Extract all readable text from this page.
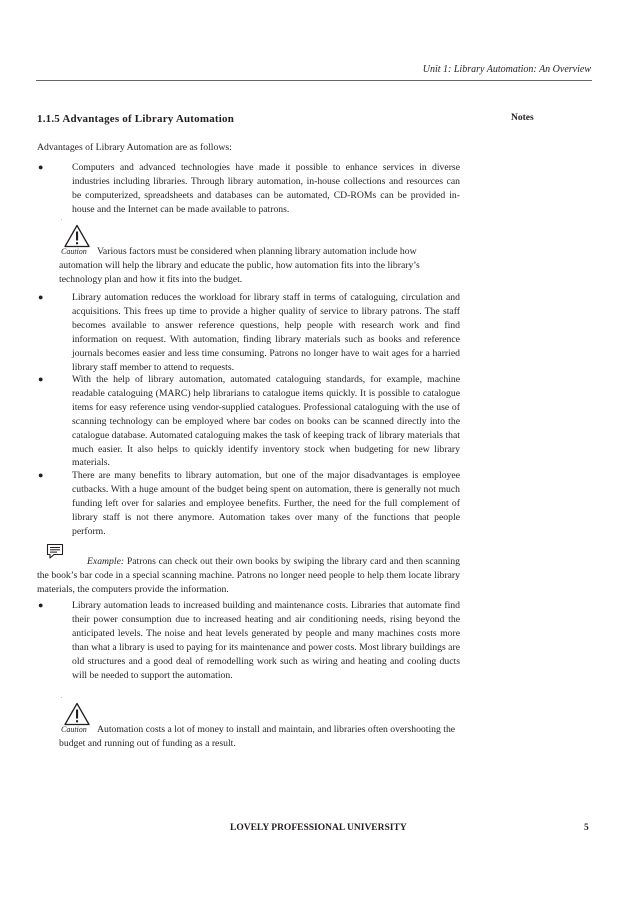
Unit 1: Library Automation: An Overview
Notes
1.1.5 Advantages of Library Automation

Advantages of Library Automation are as follows:

●	Computers and advanced technologies have made it possible to enhance services in diverse industries including libraries. Through library automation, in-house collections and resources can be computerized, spreadsheets and databases can be automated, CD-ROMs can be provided in-house and the Internet can be made available to patrons.
Caution Various factors must be considered when planning library automation include how automation will help the library and educate the public, how automation fits into the library’s technology plan and how it fits into the budget.
●	Library automation reduces the workload for library staff in terms of cataloguing, circulation and acquisitions. This frees up time to provide a higher quality of service to library patrons. The staff becomes available to answer reference questions, help people with research work and find information on request. With automation, finding library materials such as books and reference journals becomes easier and less time consuming. Patrons no longer have to wait ages for a harried library staff member to attend to requests.
●	With the help of library automation, automated cataloguing standards, for example, machine readable cataloguing (MARC) help librarians to catalogue items quickly. It is possible to catalogue items for easy reference using vendor-supplied catalogues. Professional cataloguing with the use of scanning technology can be employed where bar codes on books can be scanned directly into the catalogue database. Automated cataloguing makes the task of keeping track of library materials that much easier. It also helps to quickly identify inventory stock when budgeting for new library materials.
●	There are many benefits to library automation, but one of the major disadvantages is employee cutbacks. With a huge amount of the budget being spent on automation, there is generally not much funding left over for salaries and employee benefits. Further, the need for the full complement of library staff is not there anymore. Automation takes over many of the functions that people perform.
Example: Patrons can check out their own books by swiping the library card and then scanning the book’s bar code in a special scanning machine. Patrons no longer need people to help them locate library materials, the computers provide the information.
●	Library automation leads to increased building and maintenance costs. Libraries that automate find their power consumption due to increased heating and air conditioning needs, rising beyond the anticipated levels. The noise and heat levels generated by people and many machines costs more than what a library is used to paying for its maintenance and power costs. Most library buildings are old structures and a good deal of remodelling work such as wiring and heating and cooling ducts will be needed to support the automation.
Caution Automation costs a lot of money to install and maintain, and libraries often overshooting the budget and running out of funding as a result.
LOVELY PROFESSIONAL UNIVERSITY	5
